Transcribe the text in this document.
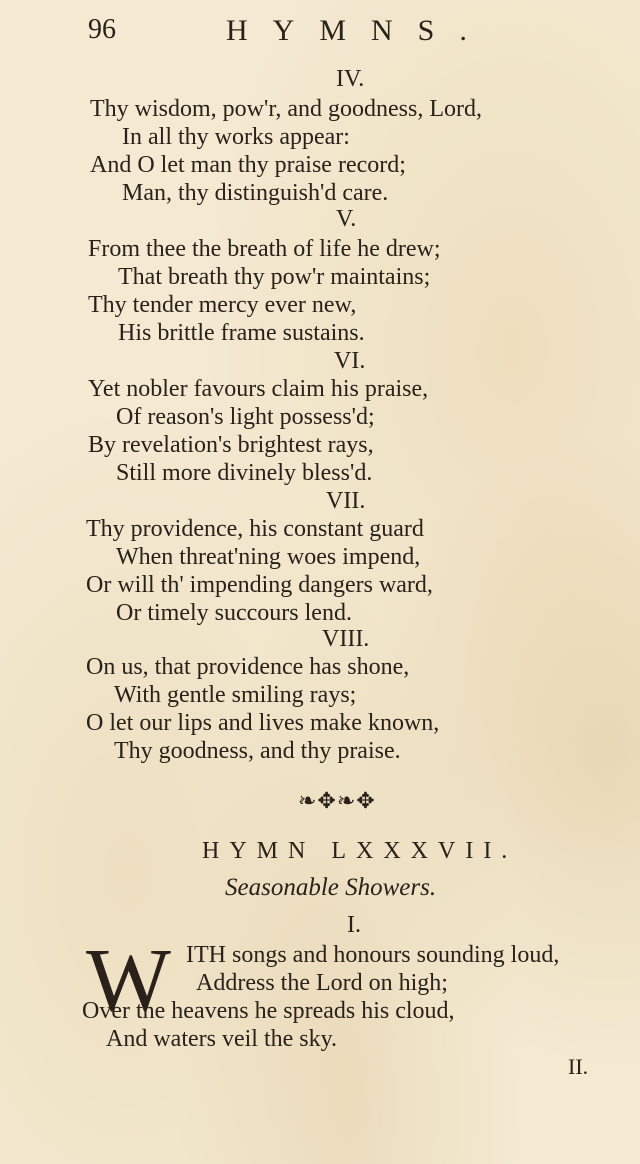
96	HYMNS.
IV.
Thy wisdom, pow'r, and goodness, Lord,
In all thy works appear:
And O let man thy praise record;
Man, thy distinguish'd care.
V.
From thee the breath of life he drew;
That breath thy pow'r maintains;
Thy tender mercy ever new,
His brittle frame sustains.
VI.
Yet nobler favours claim his praise,
Of reason's light possess'd;
By revelation's brightest rays,
Still more divinely bless'd.
VII.
Thy providence, his constant guard
When threat'ning woes impend,
Or will th' impending dangers ward,
Or timely succours lend.
VIII.
On us, that providence has shone,
With gentle smiling rays;
O let our lips and lives make known,
Thy goodness, and thy praise.
❧✥❧✥
HYMN LXXXVII.
Seasonable Showers.
I.
W ITH songs and honours sounding loud,
Address the Lord on high;
Over the heavens he spreads his cloud,
And waters veil the sky.
II.
